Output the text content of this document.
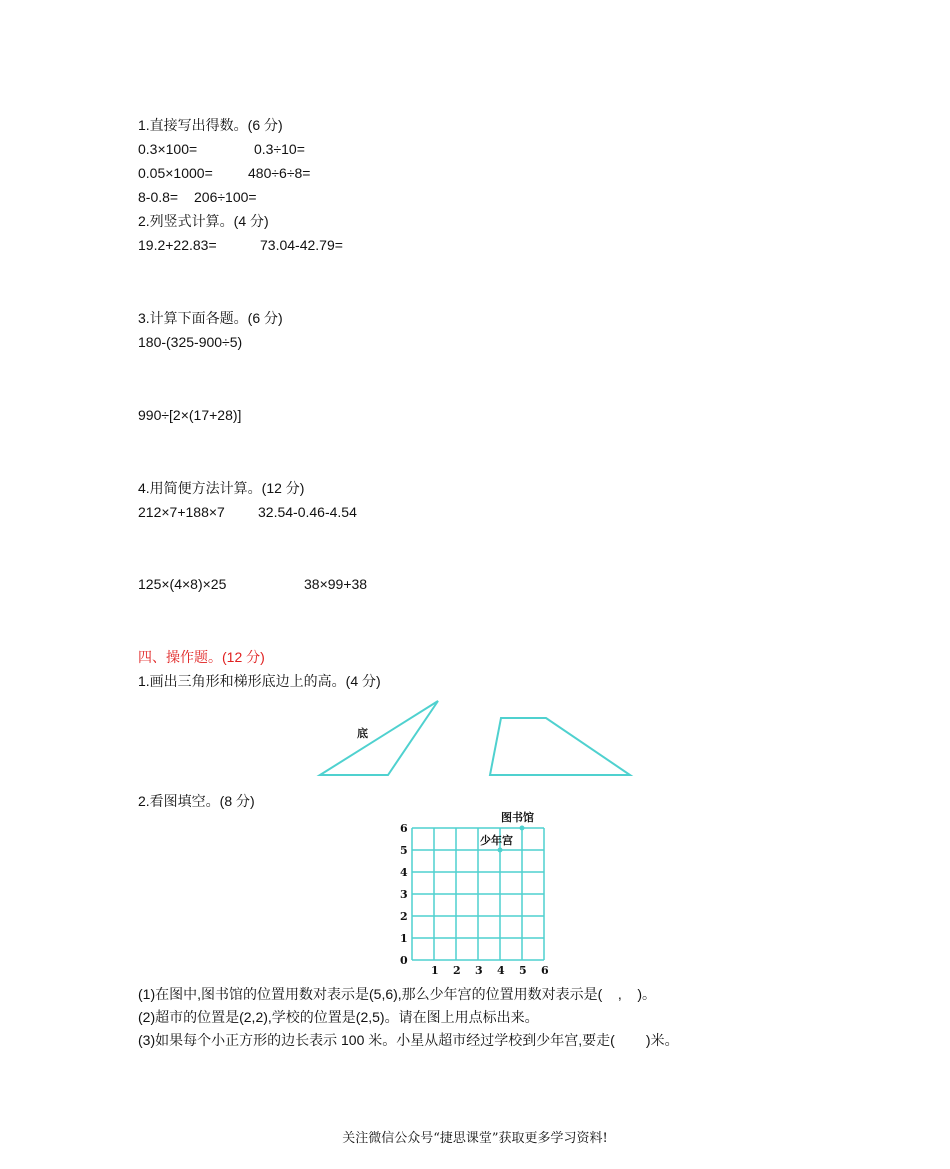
1.直接写出得数。(6 分)
0.3×100=	0.3÷10=
0.05×1000=	480÷6÷8=
8-0.8= 206÷100=
2.列竖式计算。(4 分)
19.2+22.83=	73.04-42.79=
3.计算下面各题。(6 分)
180-(325-900÷5)
990÷[2×(17+28)]
4.用简便方法计算。(12 分)
212×7+188×7 32.54-0.46-4.54
125×(4×8)×25	38×99+38
四、操作题。(12 分)
1.画出三角形和梯形底边上的高。(4 分)
底
2.看图填空。(8 分)
1 2 3 4 5 6
6
5
4
3
2
1
0
图书馆
少年宫
(1)在图中,图书馆的位置用数对表示是(5,6),那么少年宫的位置用数对表示是(    ,    )。
(2)超市的位置是(2,2),学校的位置是(2,5)。请在图上用点标出来。
(3)如果每个小正方形的边长表示 100 米。小星从超市经过学校到少年宫,要走(        )米。
关注微信公众号“捷思课堂”获取更多学习资料!
